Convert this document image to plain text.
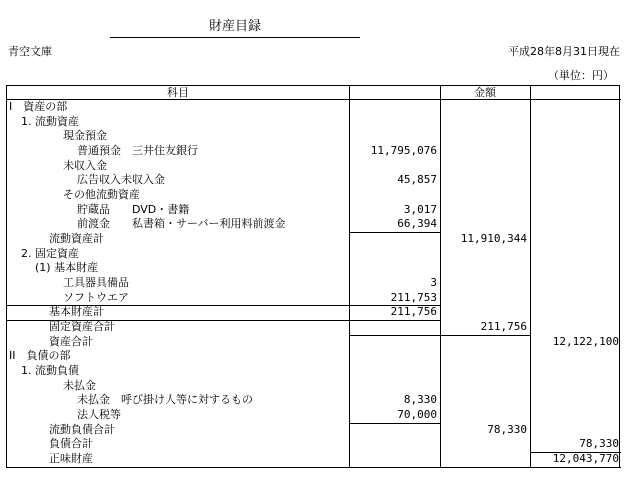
財産目録
青空文庫	平成28年8月31日現在
（単位：円）
科目	金額
I　資産の部
1. 流動資産
現金預金
普通預金　三井住友銀行	11,795,076
未収入金
広告収入未収入金	45,857
その他流動資産
貯蔵品　　DVD・書籍	3,017
前渡金　　私書箱・サーバー利用料前渡金	66,394
流動資産計	11,910,344
2. 固定資産
(1) 基本財産
工具器具備品	3
ソフトウエア	211,753
基本財産計	211,756
固定資産合計	211,756
資産合計	12,122,100
II　負債の部
1. 流動負債
未払金
未払金　呼び掛け人等に対するもの	8,330
法人税等	70,000
流動負債合計	78,330
負債合計	78,330
正味財産	12,043,770
